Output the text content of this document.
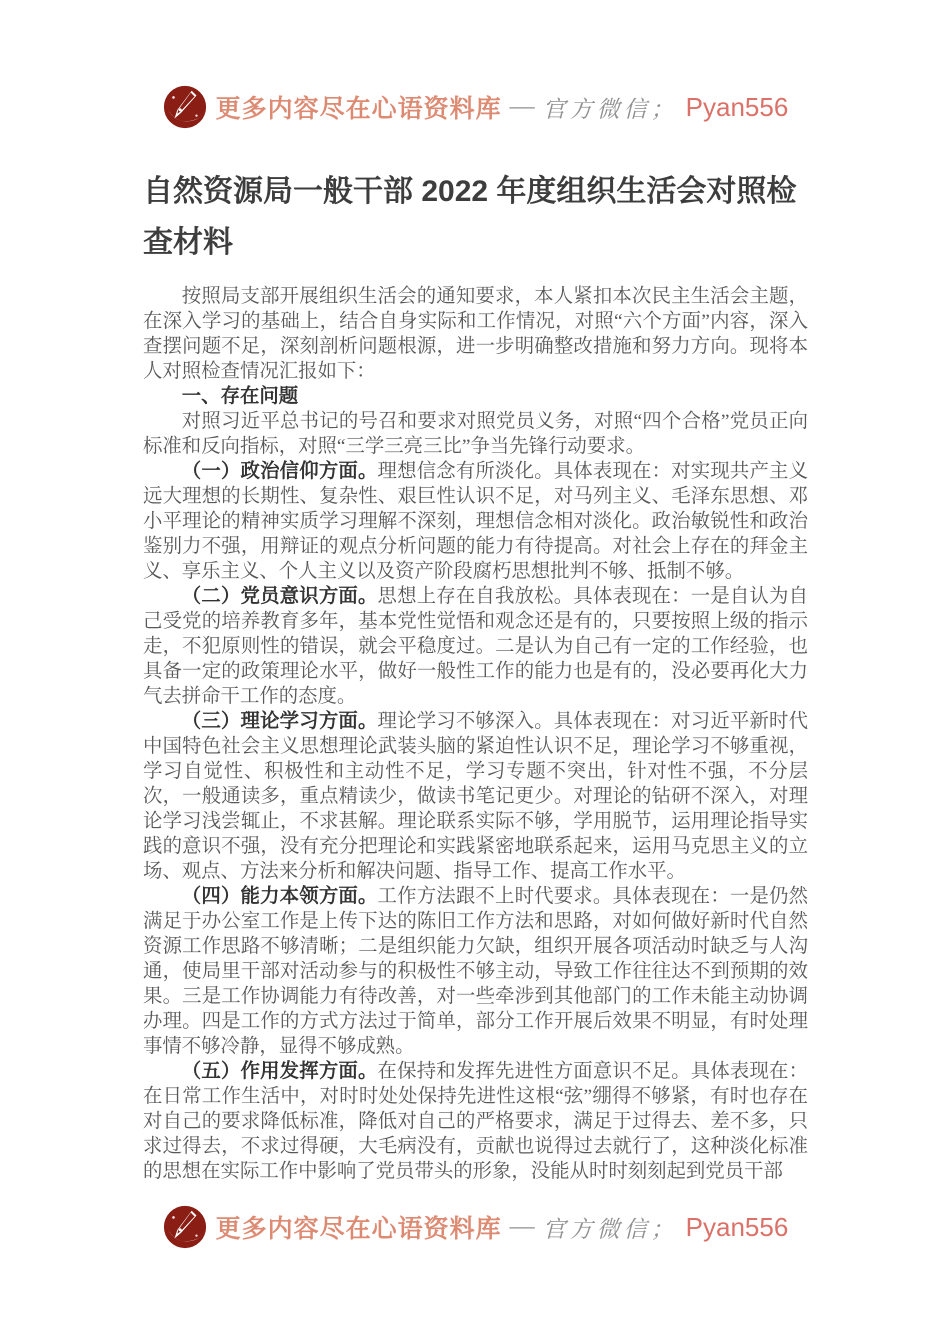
更多内容尽在心语资料库 — 官方微信； Pyan556
自然资源局一般干部 2022 年度组织生活会对照检查材料

按照局支部开展组织生活会的通知要求，本人紧扣本次民主生活会主题，在深入学习的基础上，结合自身实际和工作情况，对照“六个方面”内容，深入查摆问题不足，深刻剖析问题根源，进一步明确整改措施和努力方向。现将本人对照检查情况汇报如下：

一、存在问题

对照习近平总书记的号召和要求对照党员义务，对照“四个合格”党员正向标准和反向指标，对照“三学三亮三比”争当先锋行动要求。

（一）政治信仰方面。理想信念有所淡化。具体表现在：对实现共产主义远大理想的长期性、复杂性、艰巨性认识不足，对马列主义、毛泽东思想、邓小平理论的精神实质学习理解不深刻，理想信念相对淡化。政治敏锐性和政治鉴别力不强，用辩证的观点分析问题的能力有待提高。对社会上存在的拜金主义、享乐主义、个人主义以及资产阶段腐朽思想批判不够、抵制不够。

（二）党员意识方面。思想上存在自我放松。具体表现在：一是自认为自己受党的培养教育多年，基本党性觉悟和观念还是有的，只要按照上级的指示走，不犯原则性的错误，就会平稳度过。二是认为自己有一定的工作经验，也具备一定的政策理论水平，做好一般性工作的能力也是有的，没必要再化大力气去拼命干工作的态度。

（三）理论学习方面。理论学习不够深入。具体表现在：对习近平新时代中国特色社会主义思想理论武装头脑的紧迫性认识不足，理论学习不够重视，学习自觉性、积极性和主动性不足，学习专题不突出，针对性不强，不分层次，一般通读多，重点精读少，做读书笔记更少。对理论的钻研不深入，对理论学习浅尝辄止，不求甚解。理论联系实际不够，学用脱节，运用理论指导实践的意识不强，没有充分把理论和实践紧密地联系起来，运用马克思主义的立场、观点、方法来分析和解决问题、指导工作、提高工作水平。

（四）能力本领方面。工作方法跟不上时代要求。具体表现在：一是仍然满足于办公室工作是上传下达的陈旧工作方法和思路，对如何做好新时代自然资源工作思路不够清晰；二是组织能力欠缺，组织开展各项活动时缺乏与人沟通，使局里干部对活动参与的积极性不够主动，导致工作往往达不到预期的效果。三是工作协调能力有待改善，对一些牵涉到其他部门的工作未能主动协调办理。四是工作的方式方法过于简单，部分工作开展后效果不明显，有时处理事情不够冷静，显得不够成熟。

（五）作用发挥方面。在保持和发挥先进性方面意识不足。具体表现在：在日常工作生活中，对时时处处保持先进性这根“弦”绷得不够紧，有时也存在对自己的要求降低标准，降低对自己的严格要求，满足于过得去、差不多，只求过得去，不求过得硬，大毛病没有，贡献也说得过去就行了，这种淡化标准的思想在实际工作中影响了党员带头的形象，没能从时时刻刻起到党员干部

更多内容尽在心语资料库 — 官方微信； Pyan556
